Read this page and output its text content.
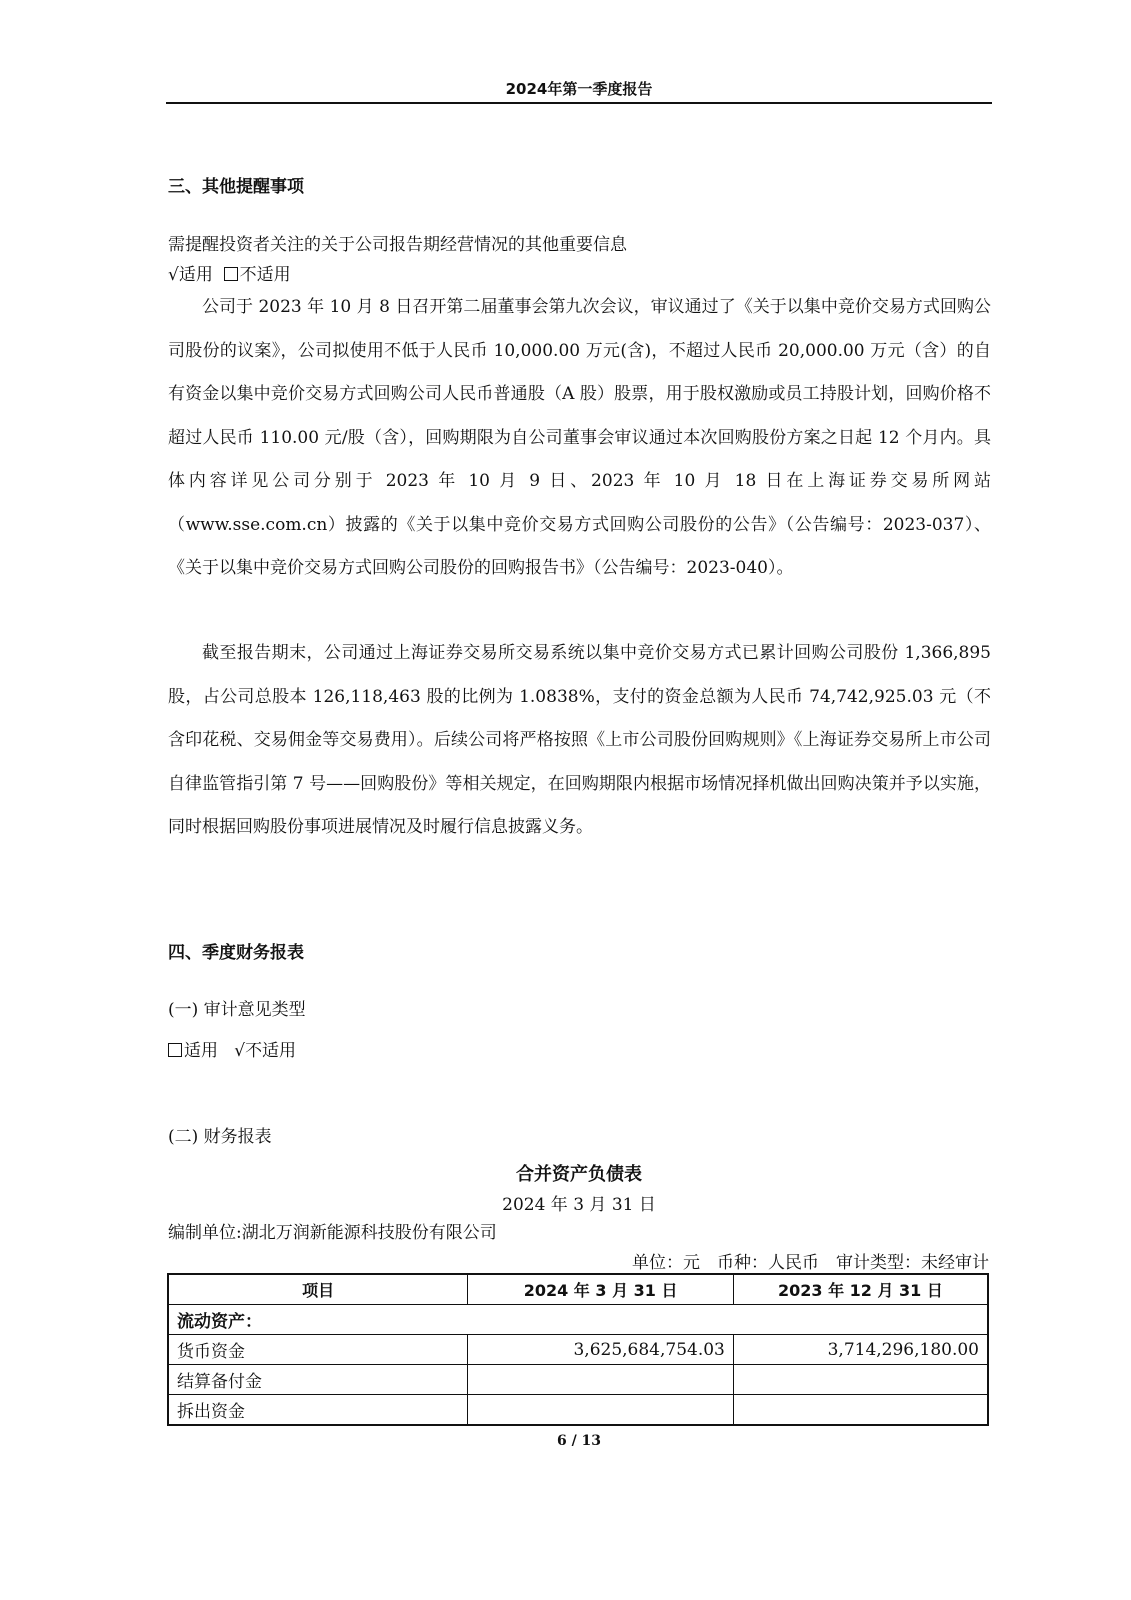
2024年第一季度报告
三、其他提醒事项
需提醒投资者关注的关于公司报告期经营情况的其他重要信息
√适用 不适用

公司于 2023 年 10 月 8 日召开第二届董事会第九次会议，审议通过了《关于以集中竞价交易方式回购公司股份的议案》，公司拟使用不低于人民币 10,000.00 万元(含)，不超过人民币 20,000.00 万元（含）的自有资金以集中竞价交易方式回购公司人民币普通股（A 股）股票，用于股权激励或员工持股计划，回购价格不超过人民币 110.00 元/股（含），回购期限为自公司董事会审议通过本次回购股份方案之日起 12 个月内。具体内容详见公司分别于 2023 年 10 月 9 日、2023 年 10 月 18 日在上海证券交易所网站（www.sse.com.cn）披露的《关于以集中竞价交易方式回购公司股份的公告》（公告编号：2023-037）、《关于以集中竞价交易方式回购公司股份的回购报告书》（公告编号：2023-040）。

截至报告期末，公司通过上海证券交易所交易系统以集中竞价交易方式已累计回购公司股份 1,366,895 股，占公司总股本 126,118,463 股的比例为 1.0838%，支付的资金总额为人民币 74,742,925.03 元（不含印花税、交易佣金等交易费用）。后续公司将严格按照《上市公司股份回购规则》《上海证券交易所上市公司自律监管指引第 7 号——回购股份》等相关规定，在回购期限内根据市场情况择机做出回购决策并予以实施，同时根据回购股份事项进展情况及时履行信息披露义务。

四、季度财务报表
(一) 审计意见类型
适用 √不适用
(二) 财务报表
合并资产负债表
2024 年 3 月 31 日
编制单位:湖北万润新能源科技股份有限公司
单位：元　币种：人民币　审计类型：未经审计
项目	2024 年 3 月 31 日	2023 年 12 月 31 日
流动资产：		
货币资金	3,625,684,754.03	3,714,296,180.00
结算备付金		
拆出资金		
6 / 13
